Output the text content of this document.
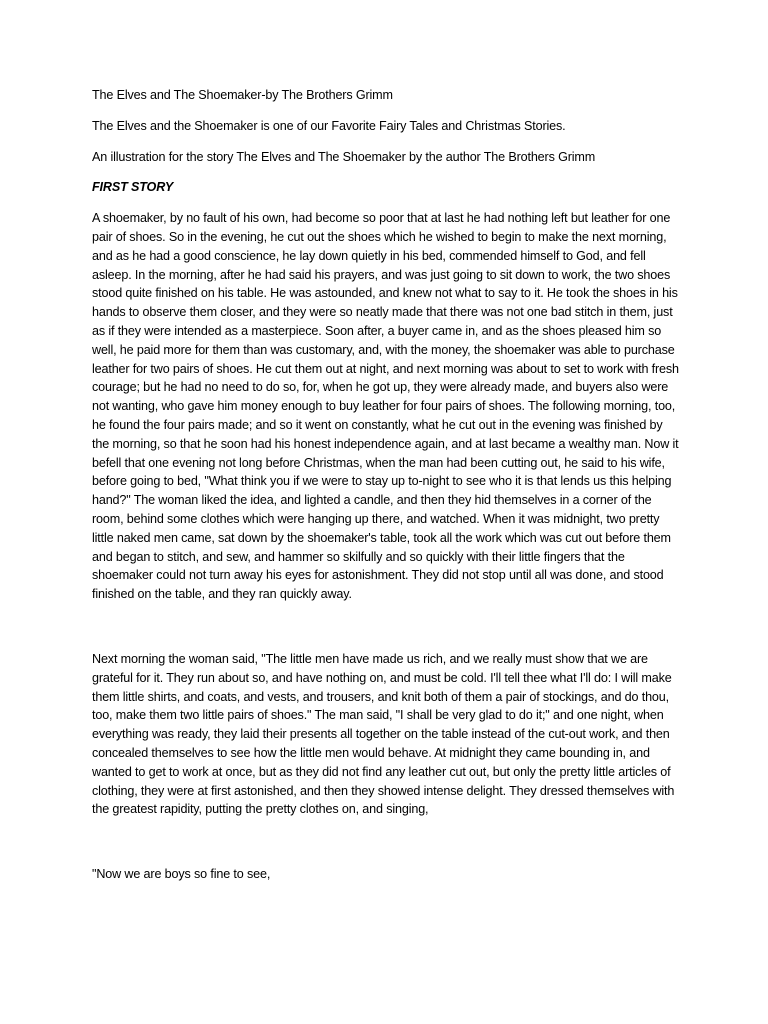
The Elves and The Shoemaker-by The Brothers Grimm

The Elves and the Shoemaker is one of our Favorite Fairy Tales and Christmas Stories.

An illustration for the story The Elves and The Shoemaker by the author The Brothers Grimm

FIRST STORY

A shoemaker, by no fault of his own, had become so poor that at last he had nothing left but leather for one pair of shoes. So in the evening, he cut out the shoes which he wished to begin to make the next morning, and as he had a good conscience, he lay down quietly in his bed, commended himself to God, and fell asleep. In the morning, after he had said his prayers, and was just going to sit down to work, the two shoes stood quite finished on his table. He was astounded, and knew not what to say to it. He took the shoes in his hands to observe them closer, and they were so neatly made that there was not one bad stitch in them, just as if they were intended as a masterpiece. Soon after, a buyer came in, and as the shoes pleased him so well, he paid more for them than was customary, and, with the money, the shoemaker was able to purchase leather for two pairs of shoes. He cut them out at night, and next morning was about to set to work with fresh courage; but he had no need to do so, for, when he got up, they were already made, and buyers also were not wanting, who gave him money enough to buy leather for four pairs of shoes. The following morning, too, he found the four pairs made; and so it went on constantly, what he cut out in the evening was finished by the morning, so that he soon had his honest independence again, and at last became a wealthy man. Now it befell that one evening not long before Christmas, when the man had been cutting out, he said to his wife, before going to bed, "What think you if we were to stay up to-night to see who it is that lends us this helping hand?" The woman liked the idea, and lighted a candle, and then they hid themselves in a corner of the room, behind some clothes which were hanging up there, and watched. When it was midnight, two pretty little naked men came, sat down by the shoemaker's table, took all the work which was cut out before them and began to stitch, and sew, and hammer so skilfully and so quickly with their little fingers that the shoemaker could not turn away his eyes for astonishment. They did not stop until all was done, and stood finished on the table, and they ran quickly away.

Next morning the woman said, "The little men have made us rich, and we really must show that we are grateful for it. They run about so, and have nothing on, and must be cold. I'll tell thee what I'll do: I will make them little shirts, and coats, and vests, and trousers, and knit both of them a pair of stockings, and do thou, too, make them two little pairs of shoes." The man said, "I shall be very glad to do it;" and one night, when everything was ready, they laid their presents all together on the table instead of the cut-out work, and then concealed themselves to see how the little men would behave. At midnight they came bounding in, and wanted to get to work at once, but as they did not find any leather cut out, but only the pretty little articles of clothing, they were at first astonished, and then they showed intense delight. They dressed themselves with the greatest rapidity, putting the pretty clothes on, and singing,

"Now we are boys so fine to see,
